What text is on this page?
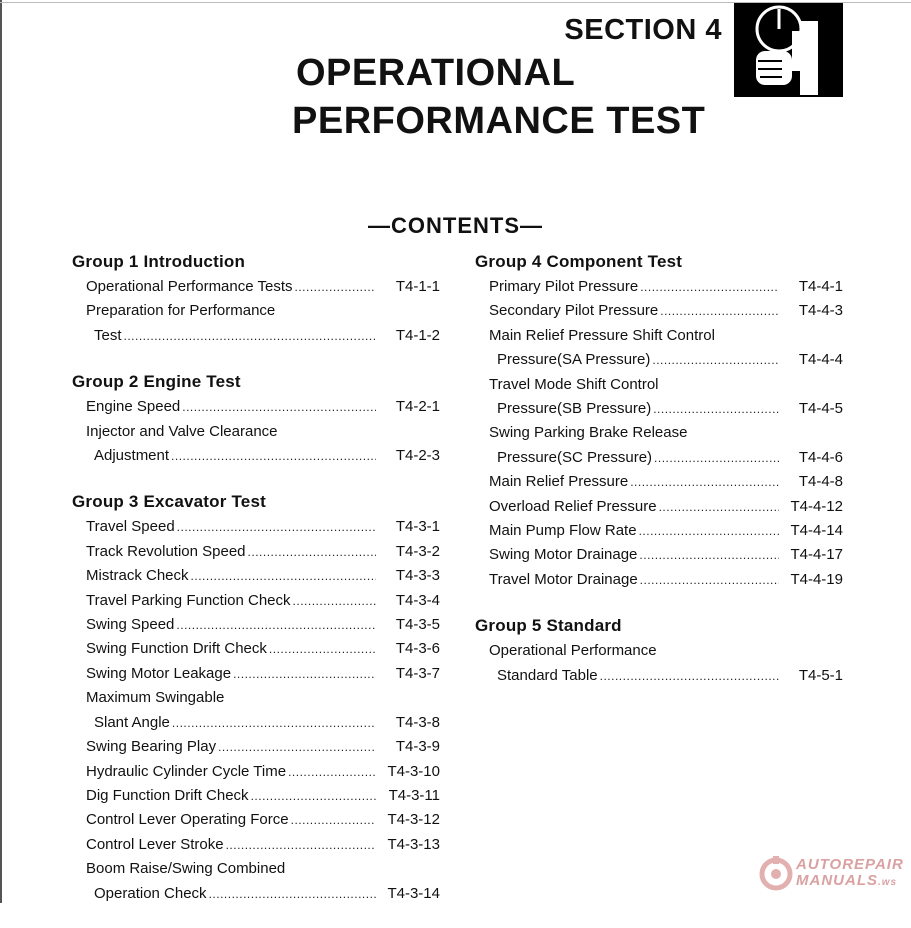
SECTION 4
OPERATIONAL
PERFORMANCE TEST
—CONTENTS—
Group 1 Introduction
Operational Performance Tests .....	T4-1-1
Preparation for Performance
Test .....	T4-1-2
Group 2 Engine Test
Engine Speed .....	T4-2-1
Injector and Valve Clearance
Adjustment .....	T4-2-3
Group 3 Excavator Test
Travel Speed .....	T4-3-1
Track Revolution Speed .....	T4-3-2
Mistrack Check .....	T4-3-3
Travel Parking Function Check .....	T4-3-4
Swing Speed .....	T4-3-5
Swing Function Drift Check .....	T4-3-6
Swing Motor Leakage .....	T4-3-7
Maximum Swingable
Slant Angle .....	T4-3-8
Swing Bearing Play .....	T4-3-9
Hydraulic Cylinder Cycle Time .....	T4-3-10
Dig Function Drift Check .....	T4-3-11
Control Lever Operating Force .....	T4-3-12
Control Lever Stroke .....	T4-3-13
Boom Raise/Swing Combined
Operation Check .....	T4-3-14
Group 4 Component Test
Primary Pilot Pressure .....	T4-4-1
Secondary Pilot Pressure .....	T4-4-3
Main Relief Pressure Shift Control
Pressure(SA Pressure) .....	T4-4-4
Travel Mode Shift Control
Pressure(SB Pressure) .....	T4-4-5
Swing Parking Brake Release
Pressure(SC Pressure) .....	T4-4-6
Main Relief Pressure .....	T4-4-8
Overload Relief Pressure .....	T4-4-12
Main Pump Flow Rate .....	T4-4-14
Swing Motor Drainage .....	T4-4-17
Travel Motor Drainage .....	T4-4-19
Group 5 Standard
Operational Performance
Standard Table .....	T4-5-1
AUTOREPAIR
MANUALS.ws
